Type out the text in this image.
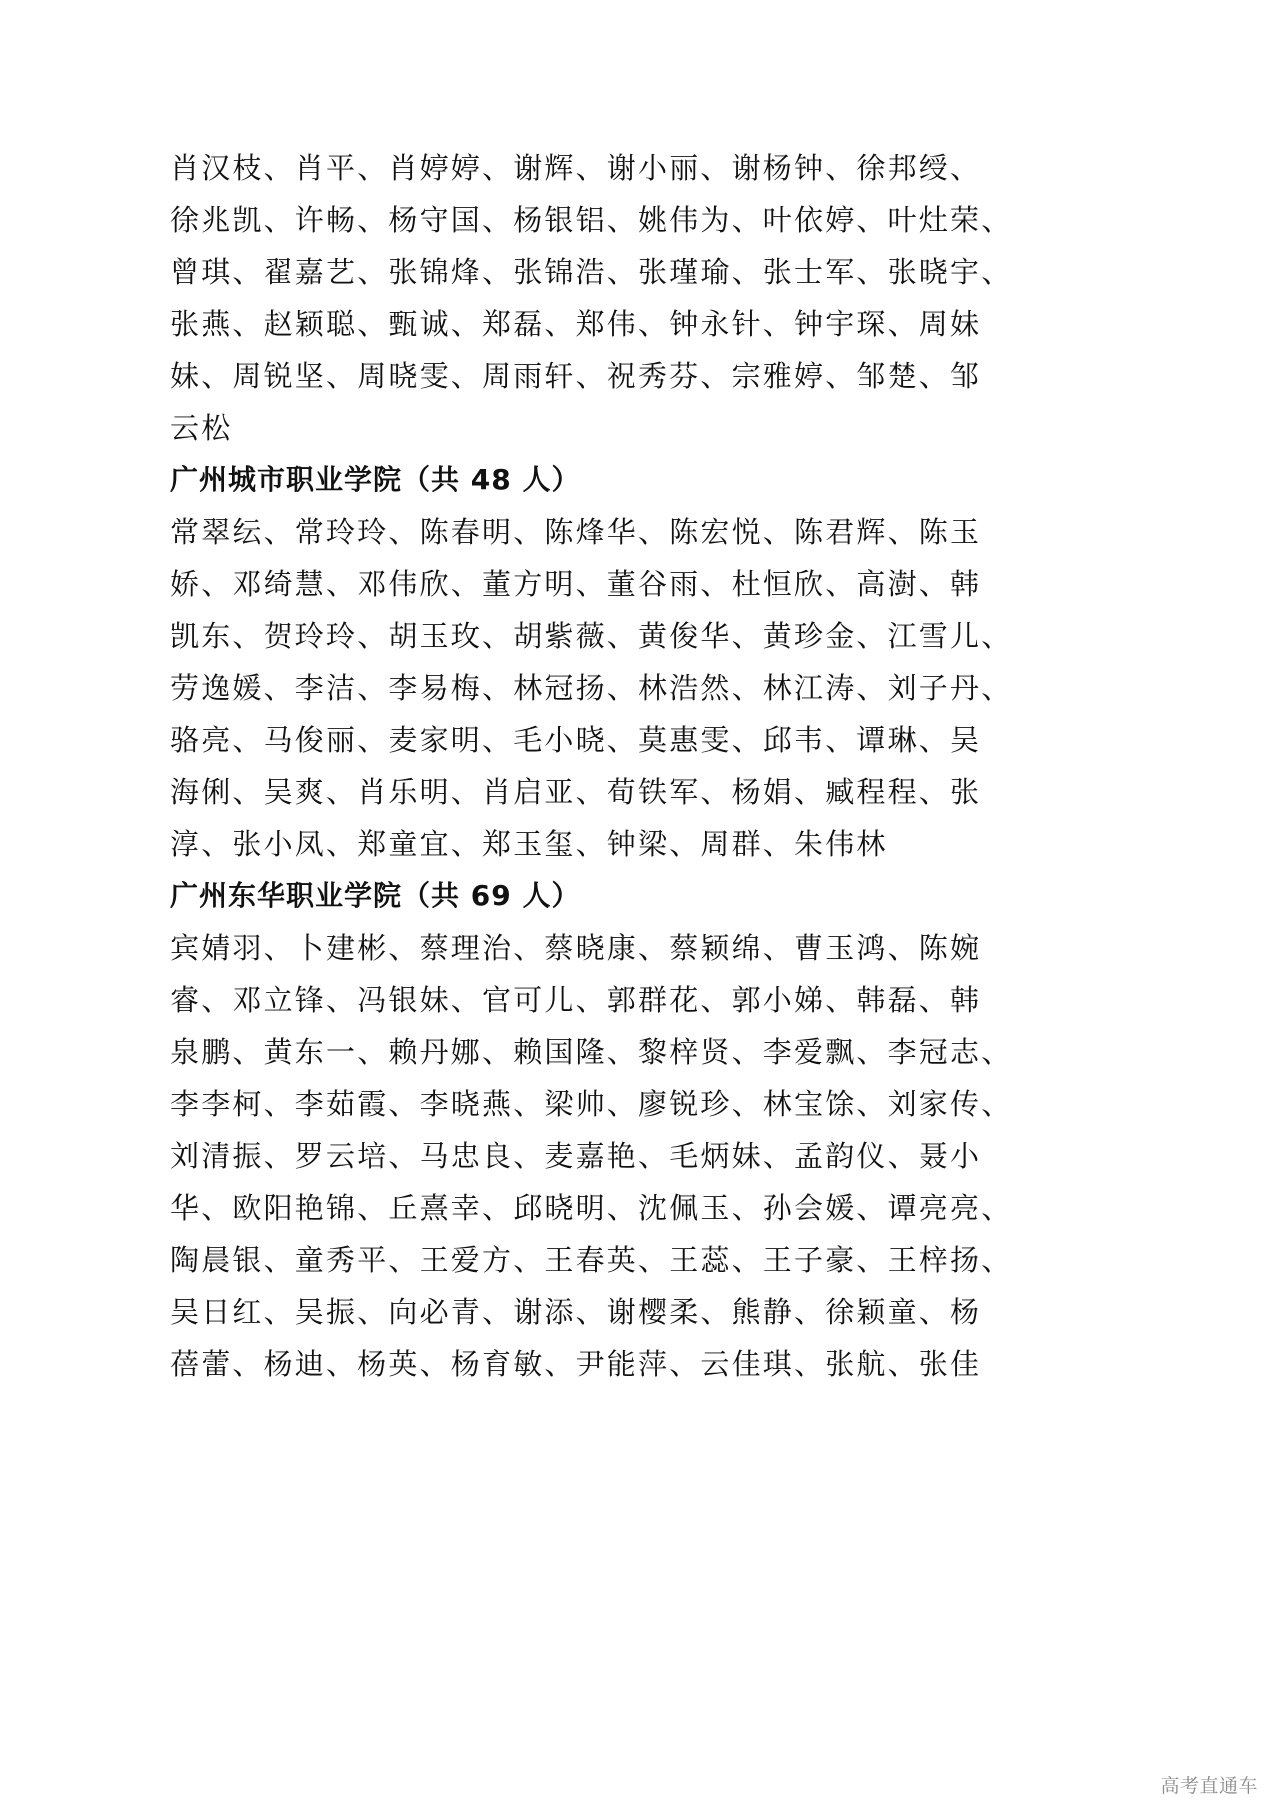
肖汉枝、肖平、肖婷婷、谢辉、谢小丽、谢杨钟、徐邦绶、
徐兆凯、许畅、杨守国、杨银铝、姚伟为、叶依婷、叶灶荣、
曾琪、翟嘉艺、张锦烽、张锦浩、张瑾瑜、张士军、张晓宇、
张燕、赵颖聪、甄诚、郑磊、郑伟、钟永针、钟宇琛、周妹
妹、周锐坚、周晓雯、周雨轩、祝秀芬、宗雅婷、邹楚、邹
云松
广州城市职业学院（共 48 人）
常翠纭、常玲玲、陈春明、陈烽华、陈宏悦、陈君辉、陈玉
娇、邓绮慧、邓伟欣、董方明、董谷雨、杜恒欣、高澍、韩
凯东、贺玲玲、胡玉玫、胡紫薇、黄俊华、黄珍金、江雪儿、
劳逸媛、李洁、李易梅、林冠扬、林浩然、林江涛、刘子丹、
骆亮、马俊丽、麦家明、毛小晓、莫惠雯、邱韦、谭琳、吴
海俐、吴爽、肖乐明、肖启亚、荀铁军、杨娟、臧程程、张
淳、张小凤、郑童宜、郑玉玺、钟梁、周群、朱伟林
广州东华职业学院（共 69 人）
宾婧羽、卜建彬、蔡理治、蔡晓康、蔡颖绵、曹玉鸿、陈婉
睿、邓立锋、冯银妹、官可儿、郭群花、郭小娣、韩磊、韩
泉鹏、黄东一、赖丹娜、赖国隆、黎梓贤、李爱飘、李冠志、
李李柯、李茹霞、李晓燕、梁帅、廖锐珍、林宝馀、刘家传、
刘清振、罗云培、马忠良、麦嘉艳、毛炳妹、孟韵仪、聂小
华、欧阳艳锦、丘熹幸、邱晓明、沈佩玉、孙会媛、谭亮亮、
陶晨银、童秀平、王爱方、王春英、王蕊、王子豪、王梓扬、
吴日红、吴振、向必青、谢添、谢樱柔、熊静、徐颖童、杨
蓓蕾、杨迪、杨英、杨育敏、尹能萍、云佳琪、张航、张佳
高考直通车
